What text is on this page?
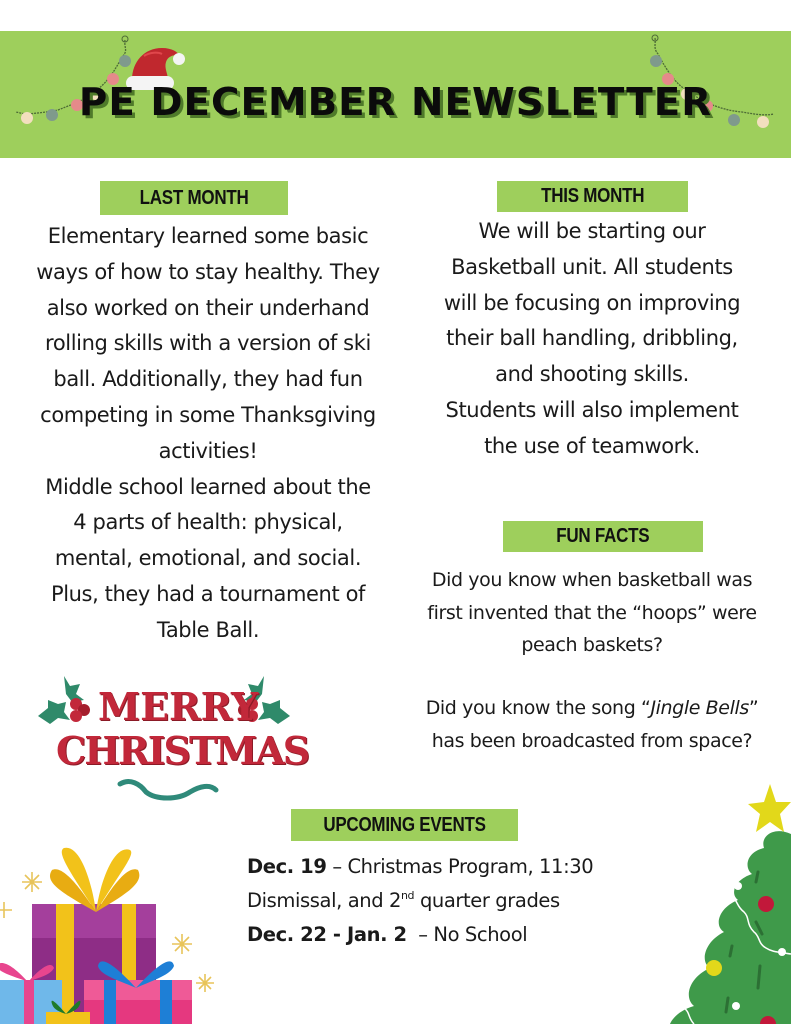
PE DECEMBER NEWSLETTER
LAST MONTH

Elementary learned some basic

ways of how to stay healthy. They

also worked on their underhand

rolling skills with a version of ski

ball. Additionally, they had fun

competing in some Thanksgiving

activities!

Middle school learned about the

4 parts of health: physical,

mental, emotional, and social.

Plus, they had a tournament of

Table Ball.

THIS MONTH

We will be starting our

Basketball unit. All students

will be focusing on improving

their ball handling, dribbling,

and shooting skills.

Students will also implement

the use of teamwork.

FUN FACTS

Did you know when basketball was

first invented that the “hoops” were

peach baskets?

Did you know the song “Jingle Bells”

has been broadcasted from space?

MERRY
CHRISTMAS
UPCOMING EVENTS

Dec. 19 – Christmas Program, 11:30

Dismissal, and 2nd quarter grades

Dec. 22 - Jan. 2  – No School
